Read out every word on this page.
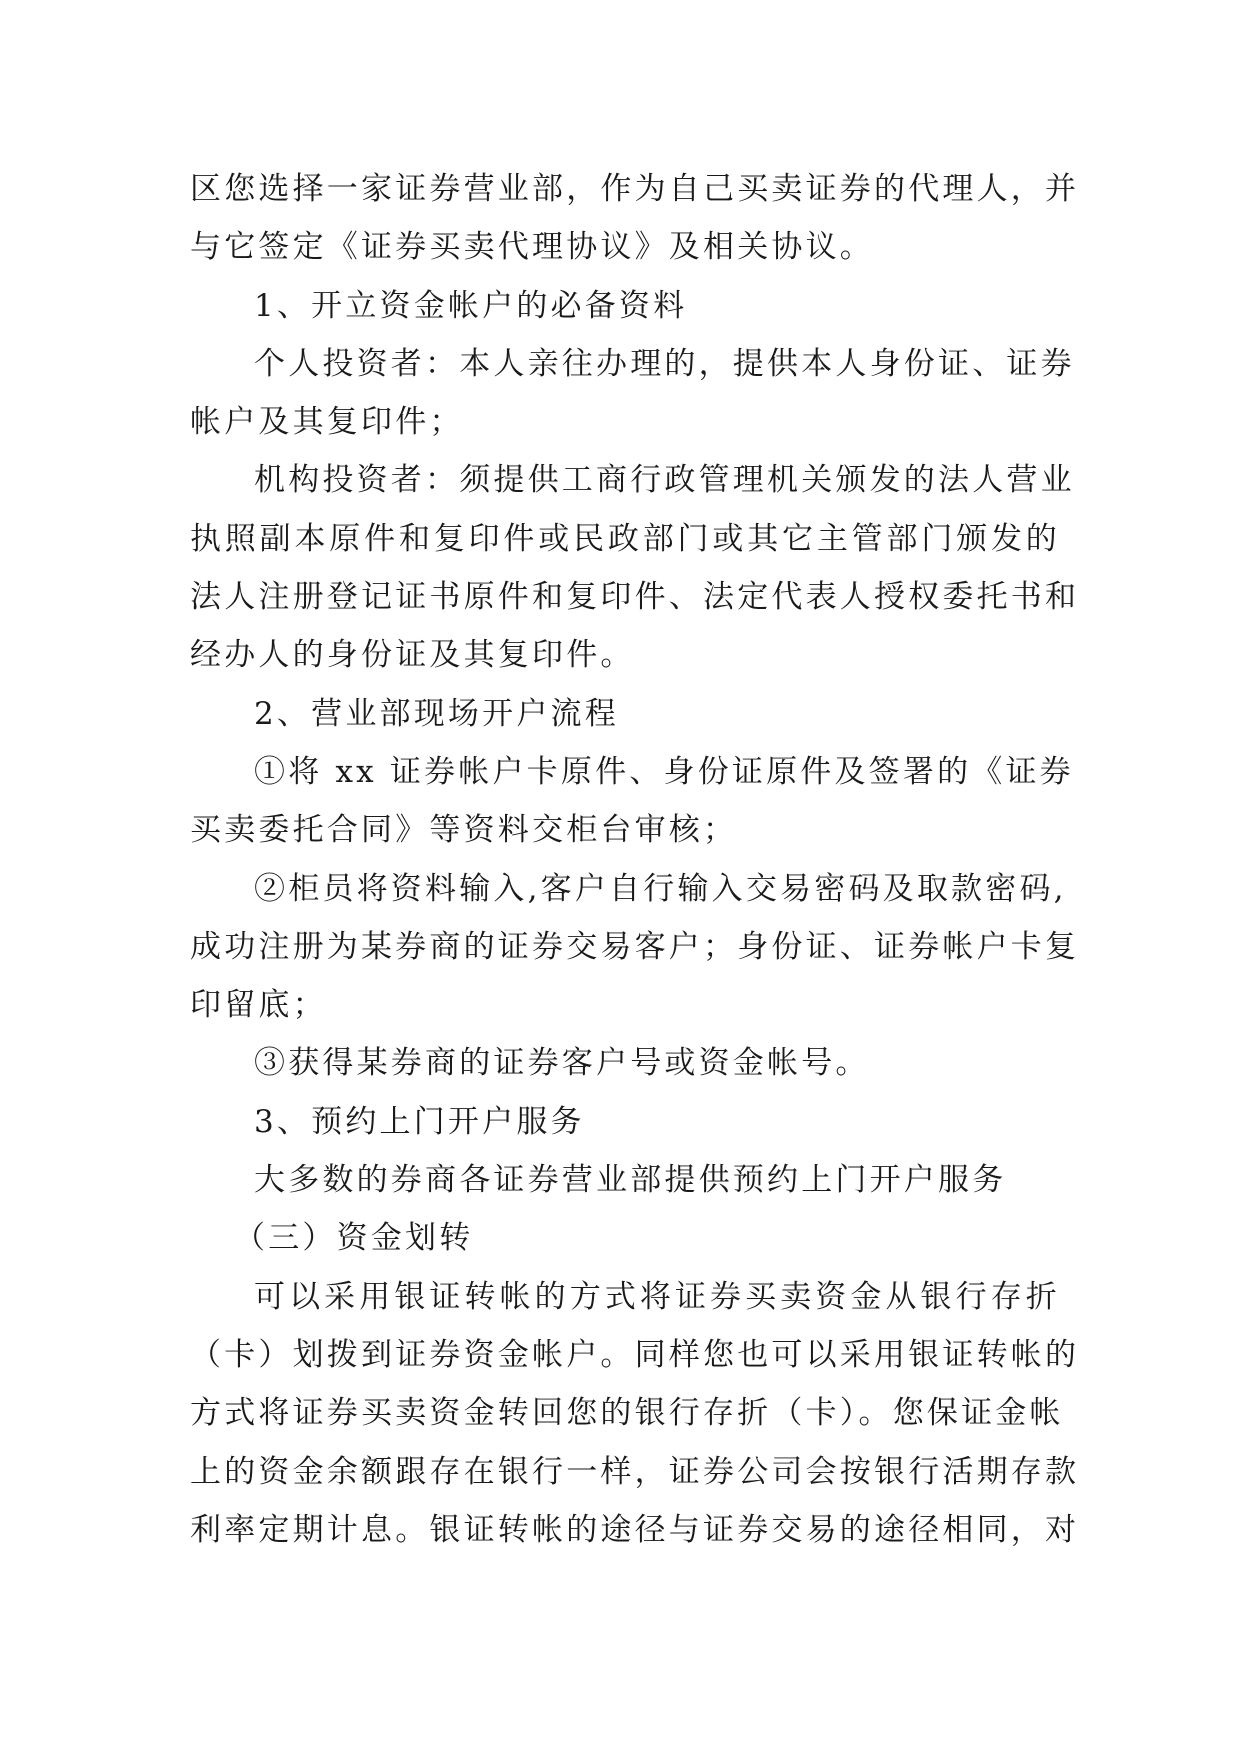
区您选择一家证券营业部，作为自己买卖证券的代理人，并
与它签定《证券买卖代理协议》及相关协议。
1、开立资金帐户的必备资料
个人投资者：本人亲往办理的，提供本人身份证、证券
帐户及其复印件；
机构投资者：须提供工商行政管理机关颁发的法人营业
执照副本原件和复印件或民政部门或其它主管部门颁发的
法人注册登记证书原件和复印件、法定代表人授权委托书和
经办人的身份证及其复印件。
2、营业部现场开户流程
①将 xx 证券帐户卡原件、身份证原件及签署的《证券
买卖委托合同》等资料交柜台审核；
②柜员将资料输入,客户自行输入交易密码及取款密码,
成功注册为某券商的证券交易客户；身份证、证券帐户卡复
印留底；
③获得某券商的证券客户号或资金帐号。
3、预约上门开户服务
大多数的券商各证券营业部提供预约上门开户服务
（三）资金划转
可以采用银证转帐的方式将证券买卖资金从银行存折
（卡）划拨到证券资金帐户。同样您也可以采用银证转帐的
方式将证券买卖资金转回您的银行存折（卡）。您保证金帐
上的资金余额跟存在银行一样，证券公司会按银行活期存款
利率定期计息。银证转帐的途径与证券交易的途径相同，对
